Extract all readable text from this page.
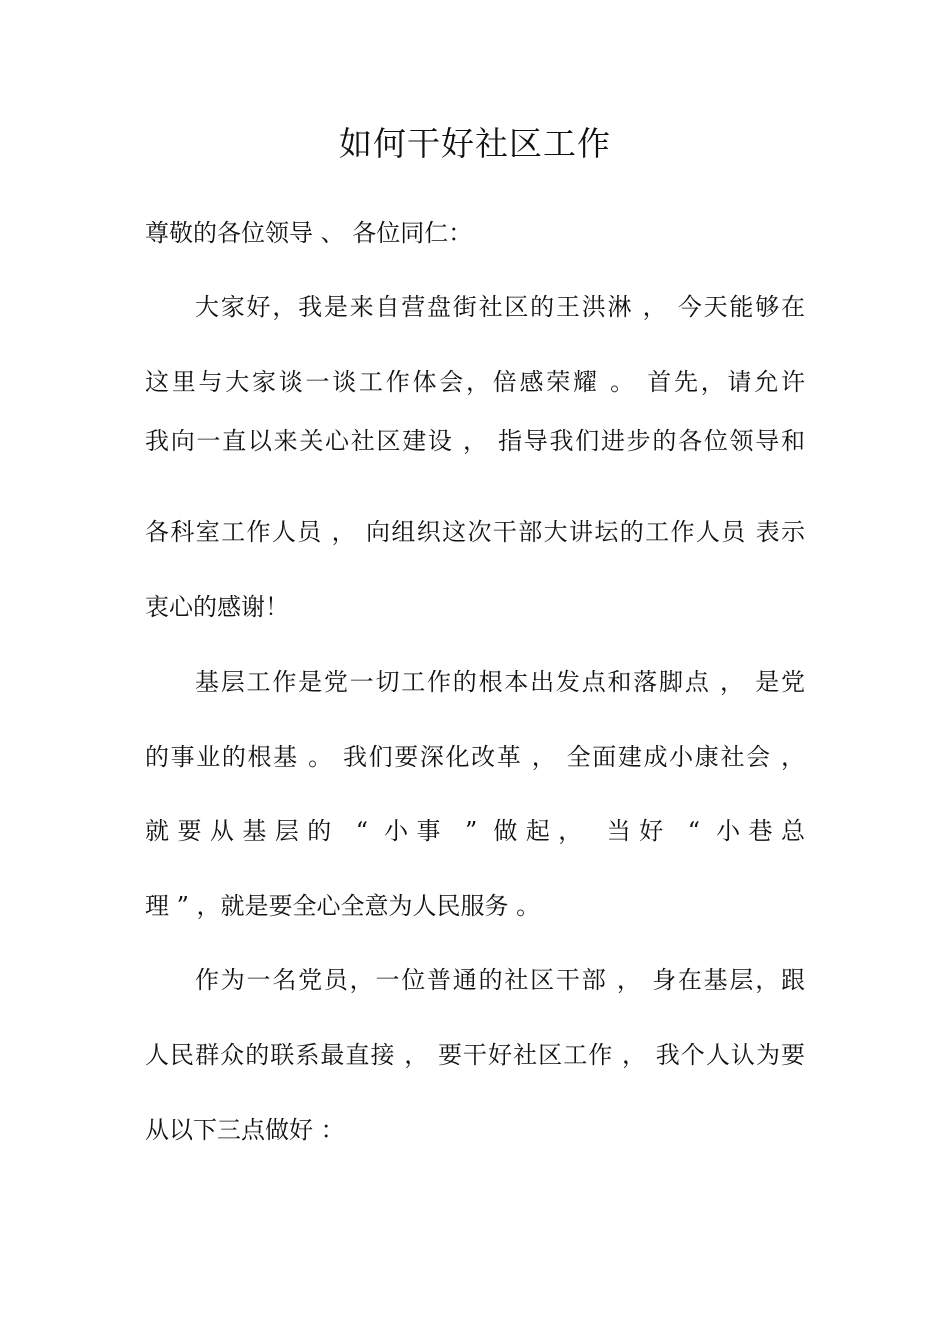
如何干好社区工作
尊敬的各位领导 、 各位同仁：
大家好，我是来自营盘街社区的王洪淋 ， 今天能够在
这里与大家谈一谈工作体会，倍感荣耀 。 首先，请允许
我向一直以来关心社区建设 ， 指导我们进步的各位领导和
各科室工作人员 ， 向组织这次干部大讲坛的工作人员 表示
衷心的感谢！
基层工作是党一切工作的根本出发点和落脚点 ， 是党
的事业的根基 。 我们要深化改革 ， 全面建成小康社会 ，
就要从基层的 “ 小事 ” 做起， 当好 “ 小巷总
理 ” ，就是要全心全意为人民服务 。
作为一名党员，一位普通的社区干部 ， 身在基层，跟
人民群众的联系最直接 ， 要干好社区工作 ， 我个人认为要
从以下三点做好 ：
